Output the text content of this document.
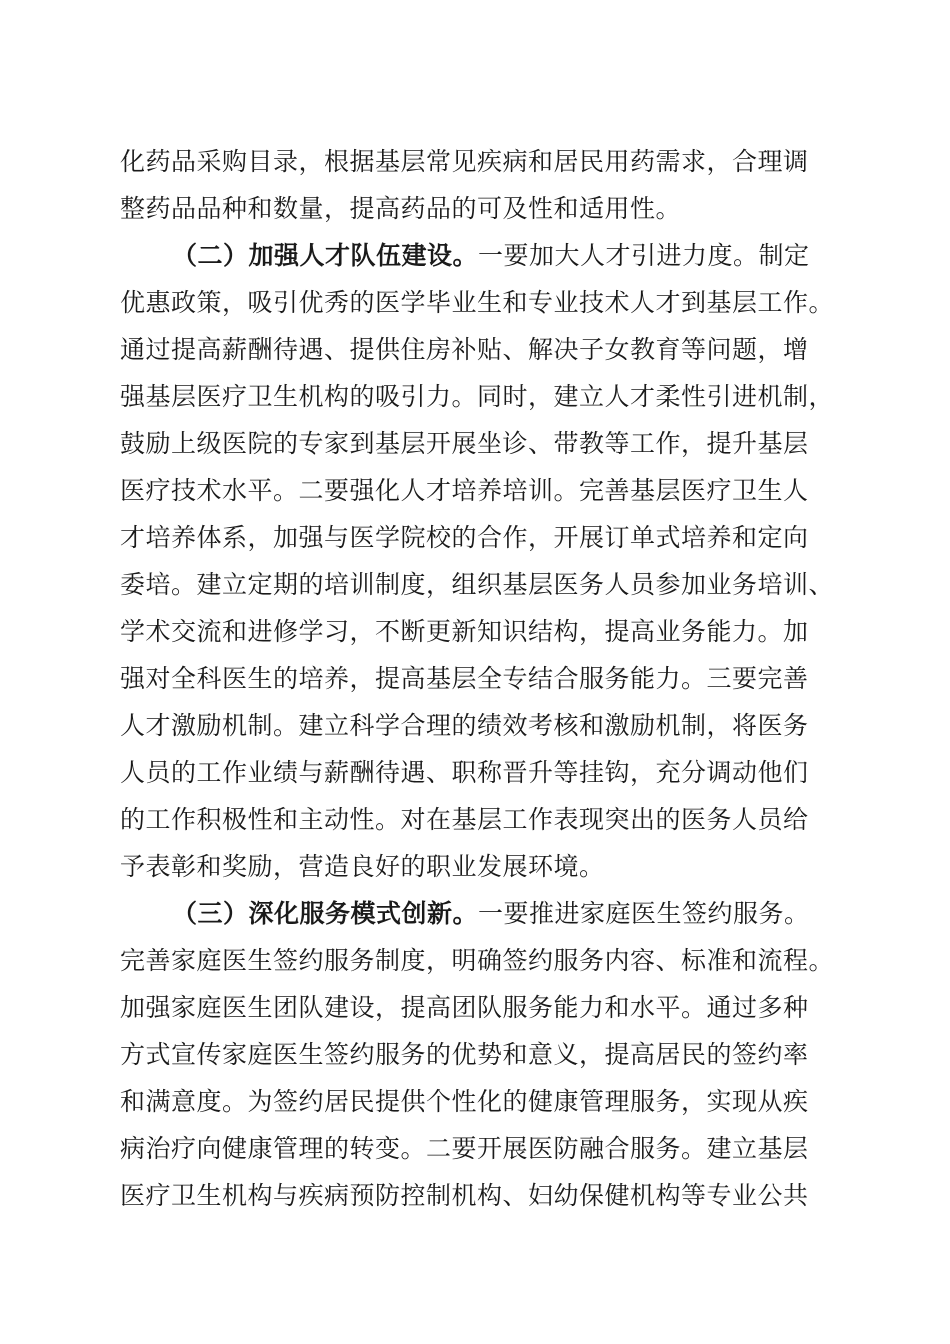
化药品采购目录，根据基层常见疾病和居民用药需求，合理调
整药品品种和数量，提高药品的可及性和适用性。
（二）加强人才队伍建设。一要加大人才引进力度。制定
优惠政策，吸引优秀的医学毕业生和专业技术人才到基层工作。
通过提高薪酬待遇、提供住房补贴、解决子女教育等问题，增
强基层医疗卫生机构的吸引力。同时，建立人才柔性引进机制，
鼓励上级医院的专家到基层开展坐诊、带教等工作，提升基层
医疗技术水平。二要强化人才培养培训。完善基层医疗卫生人
才培养体系，加强与医学院校的合作，开展订单式培养和定向
委培。建立定期的培训制度，组织基层医务人员参加业务培训、
学术交流和进修学习，不断更新知识结构，提高业务能力。加
强对全科医生的培养，提高基层全专结合服务能力。三要完善
人才激励机制。建立科学合理的绩效考核和激励机制，将医务
人员的工作业绩与薪酬待遇、职称晋升等挂钩，充分调动他们
的工作积极性和主动性。对在基层工作表现突出的医务人员给
予表彰和奖励，营造良好的职业发展环境。
（三）深化服务模式创新。一要推进家庭医生签约服务。
完善家庭医生签约服务制度，明确签约服务内容、标准和流程。
加强家庭医生团队建设，提高团队服务能力和水平。通过多种
方式宣传家庭医生签约服务的优势和意义，提高居民的签约率
和满意度。为签约居民提供个性化的健康管理服务，实现从疾
病治疗向健康管理的转变。二要开展医防融合服务。建立基层
医疗卫生机构与疾病预防控制机构、妇幼保健机构等专业公共
